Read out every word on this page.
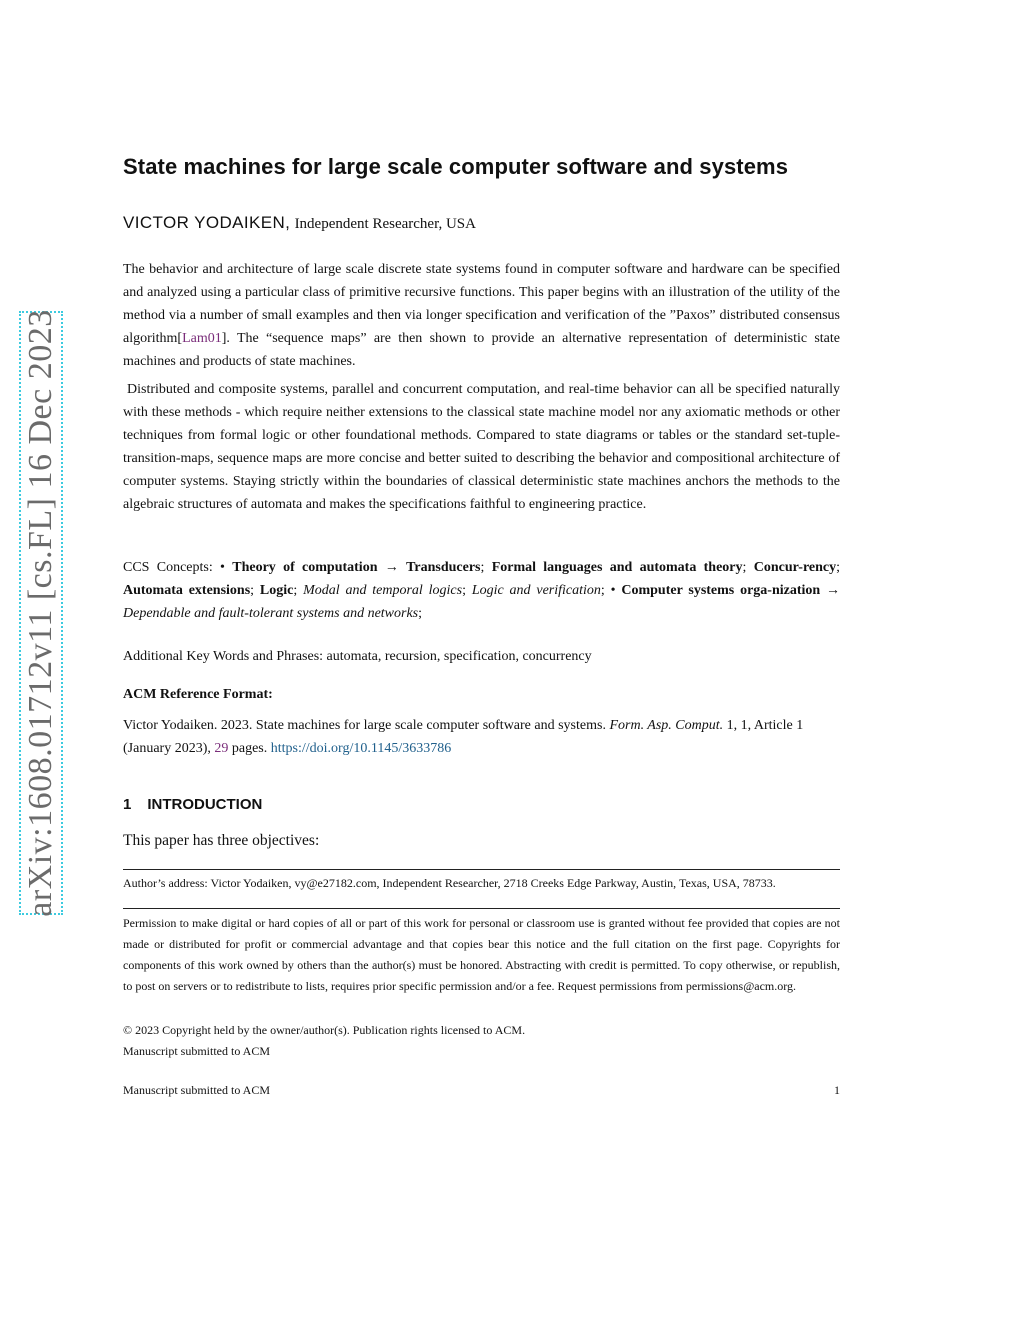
arXiv:1608.01712v11 [cs.FL] 16 Dec 2023
State machines for large scale computer software and systems
VICTOR YODAIKEN, Independent Researcher, USA

The behavior and architecture of large scale discrete state systems found in computer software and hardware can be specified and analyzed using a particular class of primitive recursive functions. This paper begins with an illustration of the utility of the method via a number of small examples and then via longer specification and verification of the ”Paxos” distributed consensus algorithm[Lam01]. The “sequence maps” are then shown to provide an alternative representation of deterministic state machines and products of state machines.

Distributed and composite systems, parallel and concurrent computation, and real-time behavior can all be specified naturally with these methods - which require neither extensions to the classical state machine model nor any axiomatic methods or other techniques from formal logic or other foundational methods. Compared to state diagrams or tables or the standard set-tuple-transition-maps, sequence maps are more concise and better suited to describing the behavior and compositional architecture of computer systems. Staying strictly within the boundaries of classical deterministic state machines anchors the methods to the algebraic structures of automata and makes the specifications faithful to engineering practice.

CCS Concepts: • Theory of computation → Transducers; Formal languages and automata theory; Concur-rency; Automata extensions; Logic; Modal and temporal logics; Logic and verification; • Computer systems orga-nization → Dependable and fault-tolerant systems and networks;
Additional Key Words and Phrases: automata, recursion, specification, concurrency
ACM Reference Format:
Victor Yodaiken. 2023. State machines for large scale computer software and systems. Form. Asp. Comput. 1, 1, Article 1 (January 2023), 29 pages. https://doi.org/10.1145/3633786
1 INTRODUCTION
This paper has three objectives:
Author’s address: Victor Yodaiken, vy@e27182.com, Independent Researcher, 2718 Creeks Edge Parkway, Austin, Texas, USA, 78733.

Permission to make digital or hard copies of all or part of this work for personal or classroom use is granted without fee provided that copies are not made or distributed for profit or commercial advantage and that copies bear this notice and the full citation on the first page. Copyrights for components of this work owned by others than the author(s) must be honored. Abstracting with credit is permitted. To copy otherwise, or republish, to post on servers or to redistribute to lists, requires prior specific permission and/or a fee. Request permissions from permissions@acm.org.

© 2023 Copyright held by the owner/author(s). Publication rights licensed to ACM.
Manuscript submitted to ACM
Manuscript submitted to ACM	1
